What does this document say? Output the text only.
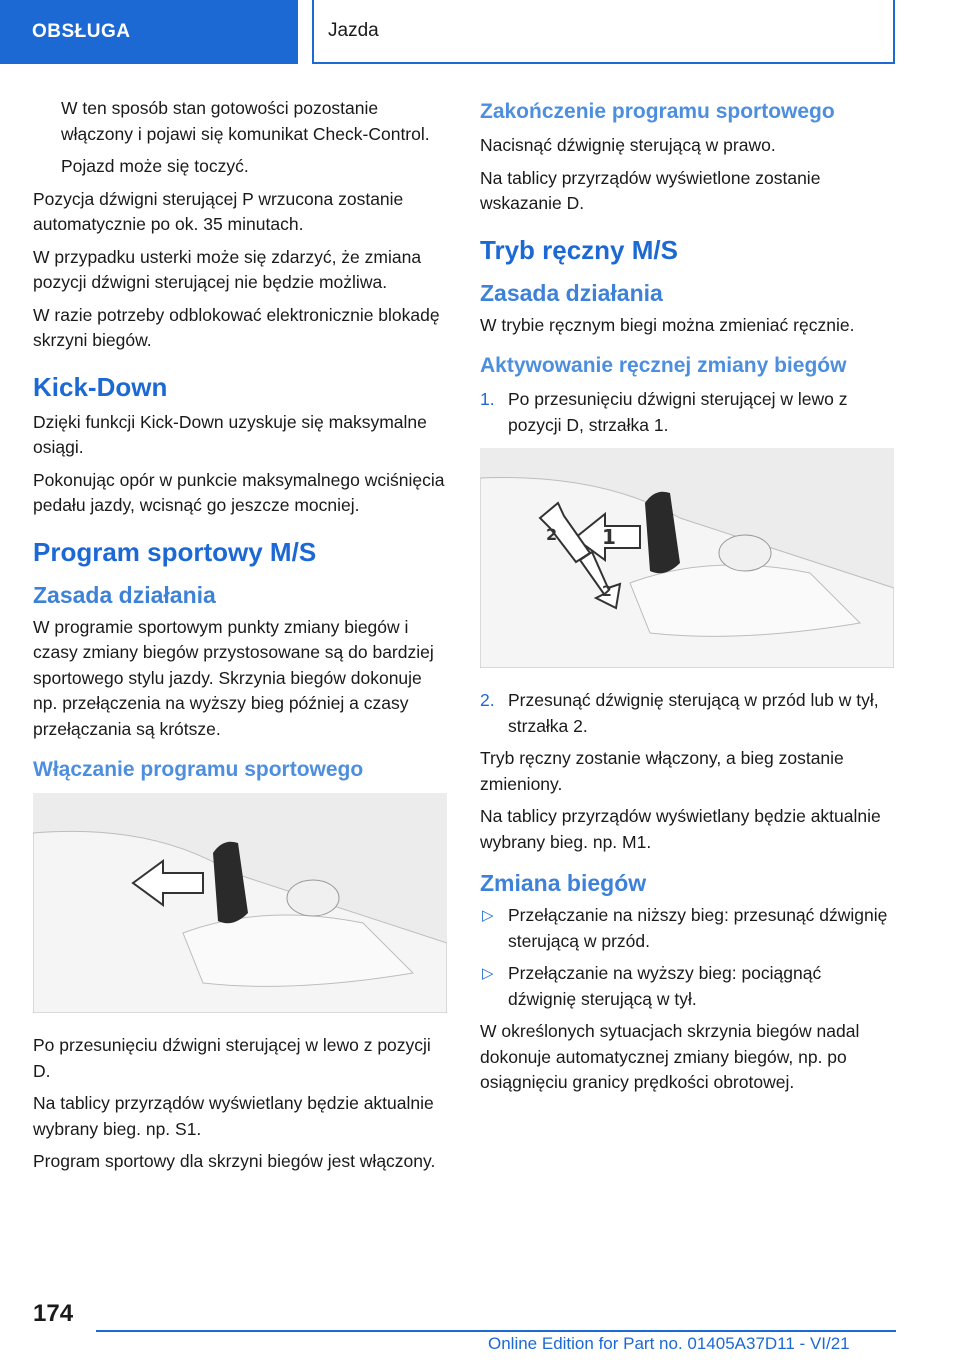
OBSŁUGA	Jazda

W ten sposób stan gotowości pozostanie włączony i pojawi się komunikat Check-Control.

Pojazd może się toczyć.

Pozycja dźwigni sterującej P wrzucona zostanie automatycznie po ok. 35 minutach.

W przypadku usterki może się zdarzyć, że zmiana pozycji dźwigni sterującej nie będzie możliwa.

W razie potrzeby odblokować elektronicznie blokadę skrzyni biegów.

Kick-Down

Dzięki funkcji Kick-Down uzyskuje się maksymalne osiągi.

Pokonując opór w punkcie maksymalnego wciśnięcia pedału jazdy, wcisnąć go jeszcze mocniej.

Program sportowy M/S
Zasada działania

W programie sportowym punkty zmiany biegów i czasy zmiany biegów przystosowane są do bardziej sportowego stylu jazdy. Skrzynia biegów dokonuje np. przełączenia na wyższy bieg później a czasy przełączania są krótsze.

Włączanie programu sportowego

Po przesunięciu dźwigni sterującej w lewo z pozycji D.

Na tablicy przyrządów wyświetlany będzie aktualnie wybrany bieg. np. S1.

Program sportowy dla skrzyni biegów jest włączony.

Zakończenie programu sportowego

Nacisnąć dźwignię sterującą w prawo.

Na tablicy przyrządów wyświetlone zostanie wskazanie D.

Tryb ręczny M/S
Zasada działania

W trybie ręcznym biegi można zmieniać ręcznie.

Aktywowanie ręcznej zmiany biegów
1. Po przesunięciu dźwigni sterującej w lewo z pozycji D, strzałka 1.
1
2
2
2. Przesunąć dźwignię sterującą w przód lub w tył, strzałka 2.

Tryb ręczny zostanie włączony, a bieg zostanie zmieniony.

Na tablicy przyrządów wyświetlany będzie aktualnie wybrany bieg. np. M1.

Zmiana biegów
▷ Przełączanie na niższy bieg: przesunąć dźwignię sterującą w przód.
▷ Przełączanie na wyższy bieg: pociągnąć dźwignię sterującą w tył.

W określonych sytuacjach skrzynia biegów nadal dokonuje automatycznej zmiany biegów, np. po osiągnięciu granicy prędkości obrotowej.

174
Online Edition for Part no. 01405A37D11 - VI/21
